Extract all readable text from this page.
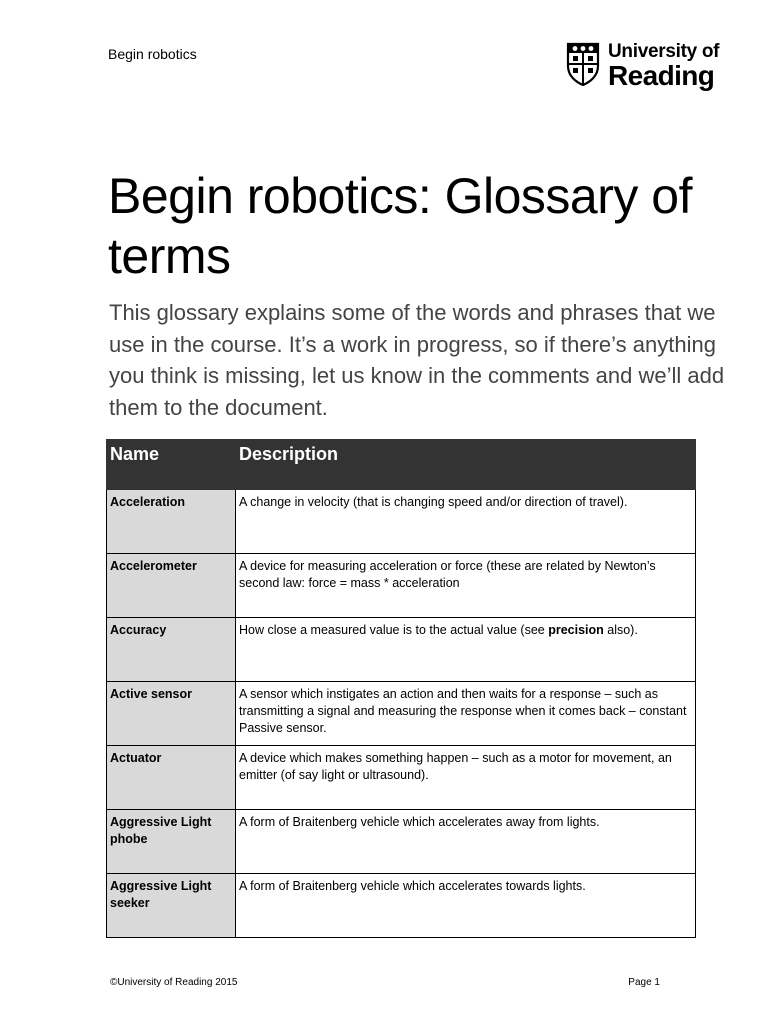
Begin robotics	University of
Reading
Begin robotics: Glossary of terms

This glossary explains some of the words and phrases that we use in the course. It’s a work in progress, so if there’s anything you think is missing, let us know in the comments and we’ll add them to the document.

Name	Description
Acceleration	A change in velocity (that is changing speed and/or direction of travel).
Accelerometer	A device for measuring acceleration or force (these are related by Newton’s second law: force = mass * acceleration
Accuracy	How close a measured value is to the actual value (see precision also).
Active sensor	A sensor which instigates an action and then waits for a response – such as transmitting a signal and measuring the response when it comes back – constant Passive sensor.
Actuator	A device which makes something happen – such as a motor for movement, an emitter (of say light or ultrasound).
Aggressive Light phobe	A form of Braitenberg vehicle which accelerates away from lights.
Aggressive Light seeker	A form of Braitenberg vehicle which accelerates towards lights.
©University of Reading 2015	Page 1
